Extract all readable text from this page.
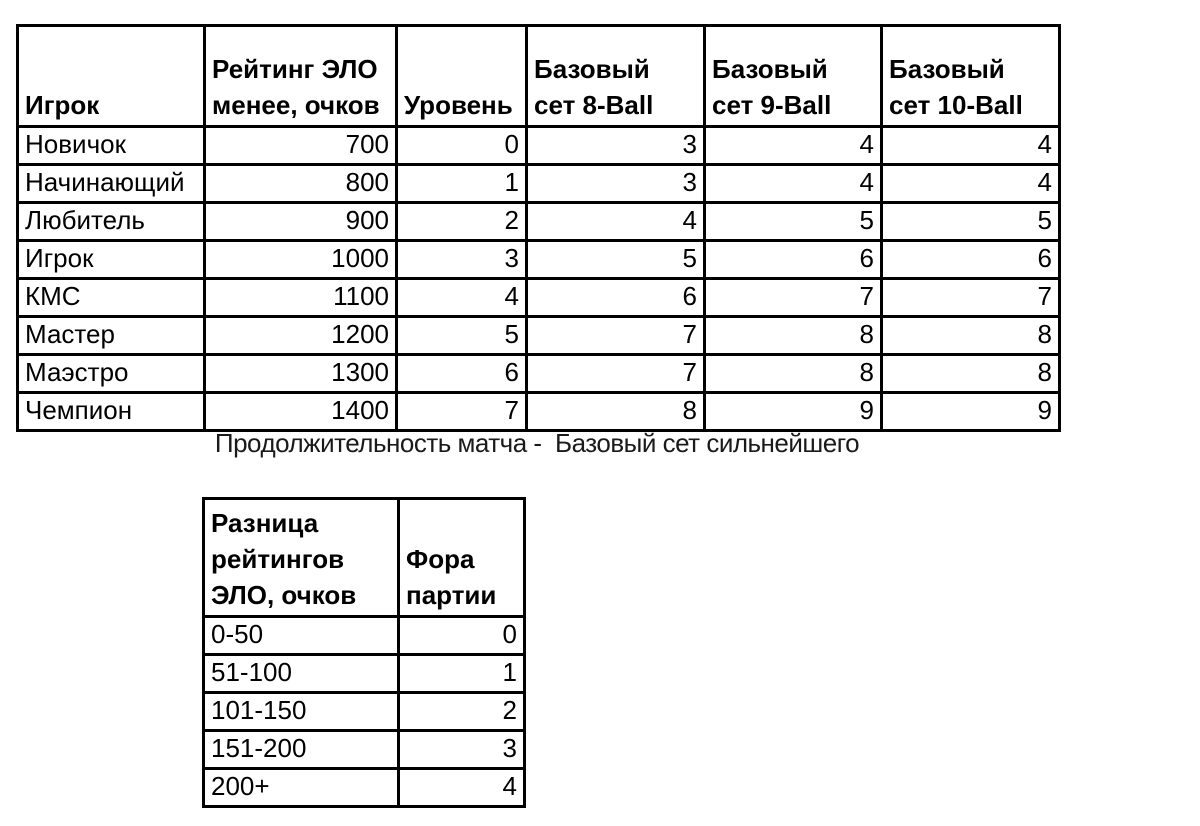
Игрок	Рейтинг ЭЛО менее, очков	Уровень	Базовый сет 8-Ball	Базовый сет 9-Ball	Базовый сет 10-Ball
Новичок	700	0	3	4	4
Начинающий	800	1	3	4	4
Любитель	900	2	4	5	5
Игрок	1000	3	5	6	6
КМС	1100	4	6	7	7
Мастер	1200	5	7	8	8
Маэстро	1300	6	7	8	8
Чемпион	1400	7	8	9	9
Продолжительность матча -  Базовый сет сильнейшего
Разница рейтингов ЭЛО, очков	Фора партии
0-50	0
51-100	1
101-150	2
151-200	3
200+	4
